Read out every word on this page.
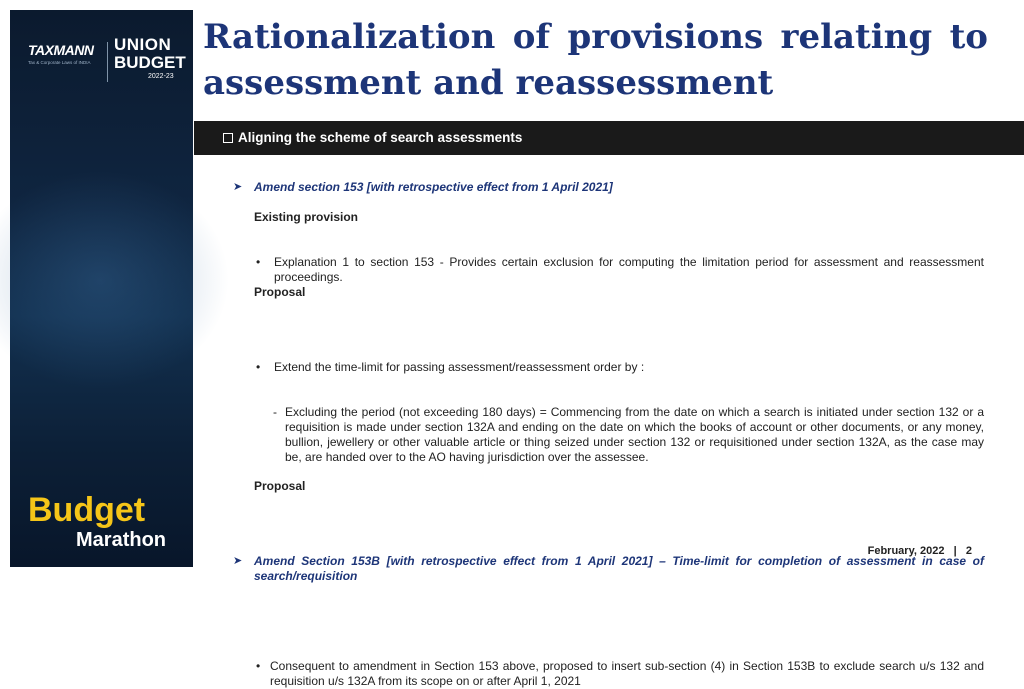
TAXMANN
Tax & Corporate Laws of INDIA
UNION
BUDGET
2022-23
Budget
Marathon
Rationalization of provisions relating to
assessment and reassessment
Aligning the scheme of search assessments
➤ Amend section 153 [with retrospective effect from 1 April 2021]
Existing provision
• Explanation 1 to section 153 - Provides certain exclusion for computing the limitation period for assessment and reassessment proceedings.
Proposal
• Extend the time-limit for passing assessment/reassessment order by :
- Excluding the period (not exceeding 180 days) = Commencing from the date on which a search is initiated under section 132 or a requisition is made under section 132A and ending on the date on which the books of account or other documents, or any money, bullion, jewellery or other valuable article or thing seized under section 132 or requisitioned under section 132A, as the case may be, are handed over to the AO having jurisdiction over the assessee.
➤ Amend Section 153B [with retrospective effect from 1 April 2021] – Time-limit for completion of assessment in case of search/requisition
Proposal
• Consequent to amendment in Section 153 above, proposed to insert sub-section (4) in Section 153B to exclude search u/s 132 and requisition u/s 132A from its scope on or after April 1, 2021
February, 2022   |   2
